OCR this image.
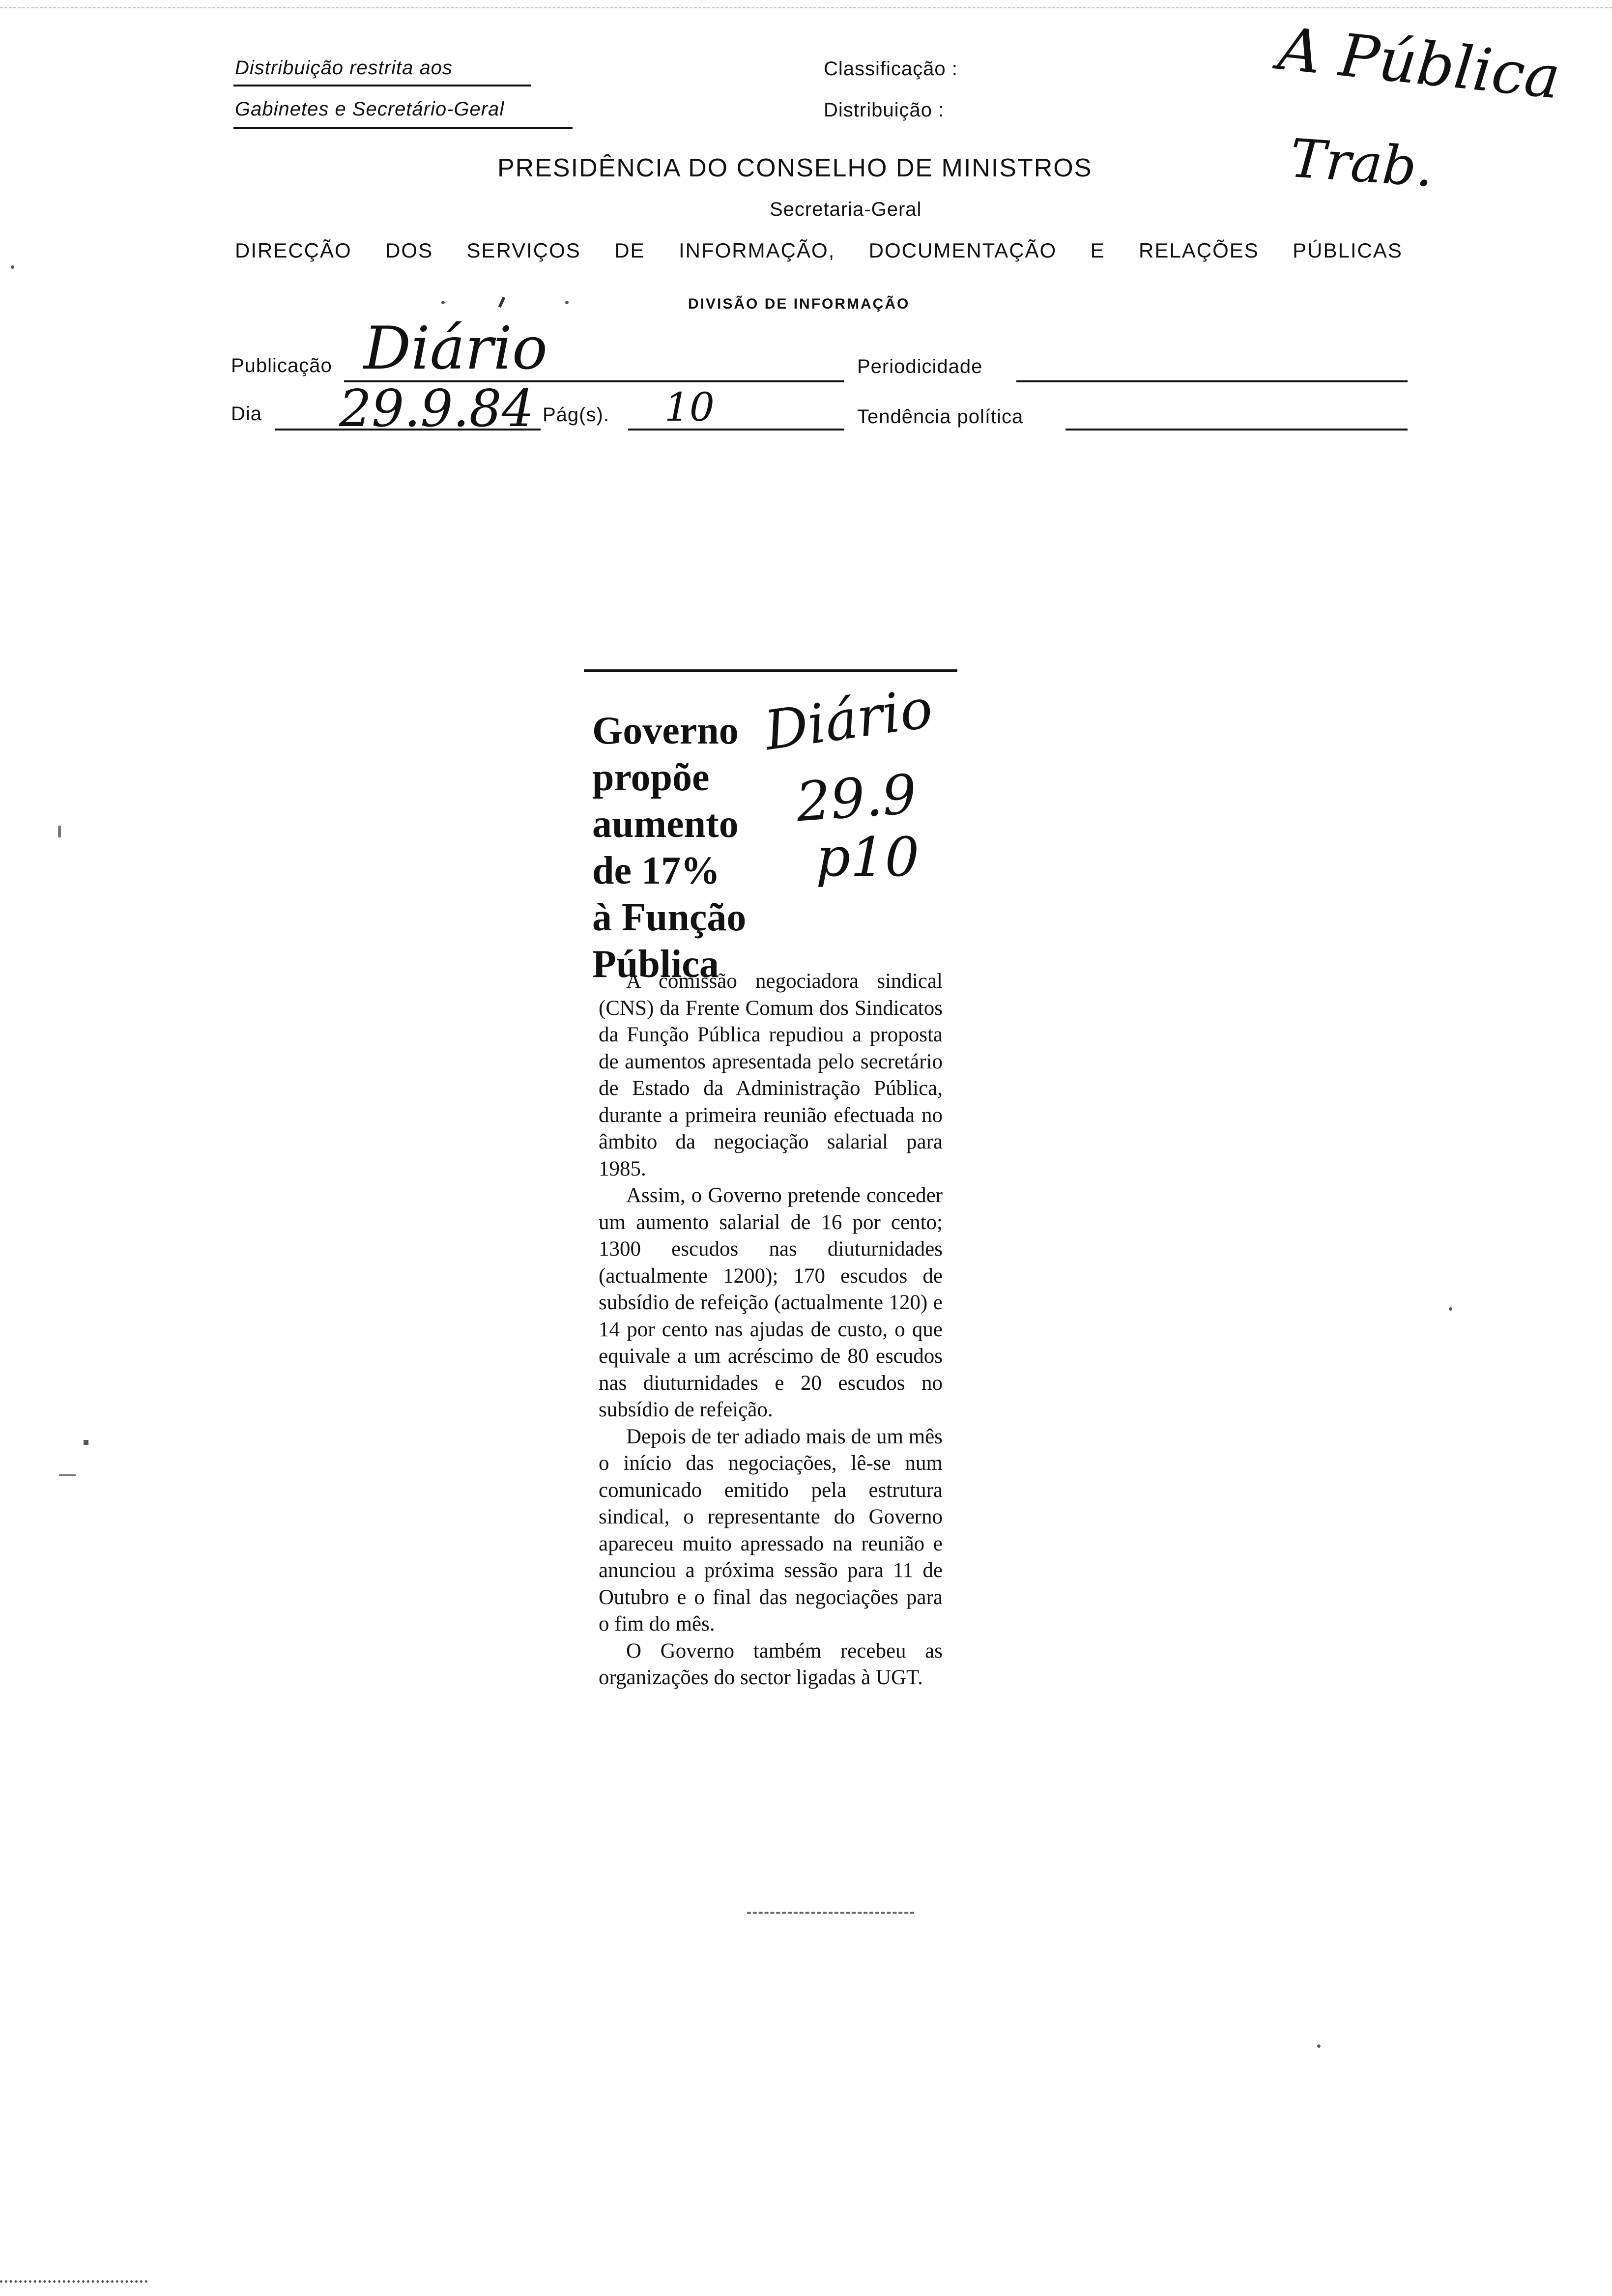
Distribuição restrita aos
Gabinetes e Secretário-Geral
Classificação :
Distribuição :	A Pública
Trab.
PRESIDÊNCIA DO CONSELHO DE MINISTROS
Secretaria-Geral
DIRECÇÃO DOS SERVIÇOS DE INFORMAÇÃO, DOCUMENTAÇÃO E RELAÇÕES PÚBLICAS
DIVISÃO DE INFORMAÇÃO
Publicação Diário	Periodicidade
Dia 29.9.84 Pág(s). 10	Tendência política
Governo
propõe
aumento
de 17%
à Função
Pública
Diário
29.9
p10

A comissão negociadora sindical (CNS) da Frente Comum dos Sindicatos da Função Pública repudiou a proposta de aumentos apresentada pelo secretário de Estado da Administração Pública, durante a primeira reunião efectuada no âmbito da negociação salarial para 1985.

Assim, o Governo pretende conceder um aumento salarial de 16 por cento; 1300 escudos nas diuturnidades (actualmente 1200); 170 escudos de subsídio de refeição (actualmente 120) e 14 por cento nas ajudas de custo, o que equivale a um acréscimo de 80 escudos nas diuturnidades e 20 escudos no subsídio de refeição.

Depois de ter adiado mais de um mês o início das negociações, lê-se num comunicado emitido pela estrutura sindical, o representante do Governo apareceu muito apressado na reunião e anunciou a próxima sessão para 11 de Outubro e o final das negociações para o fim do mês.

O Governo também recebeu as organizações do sector ligadas à UGT.
